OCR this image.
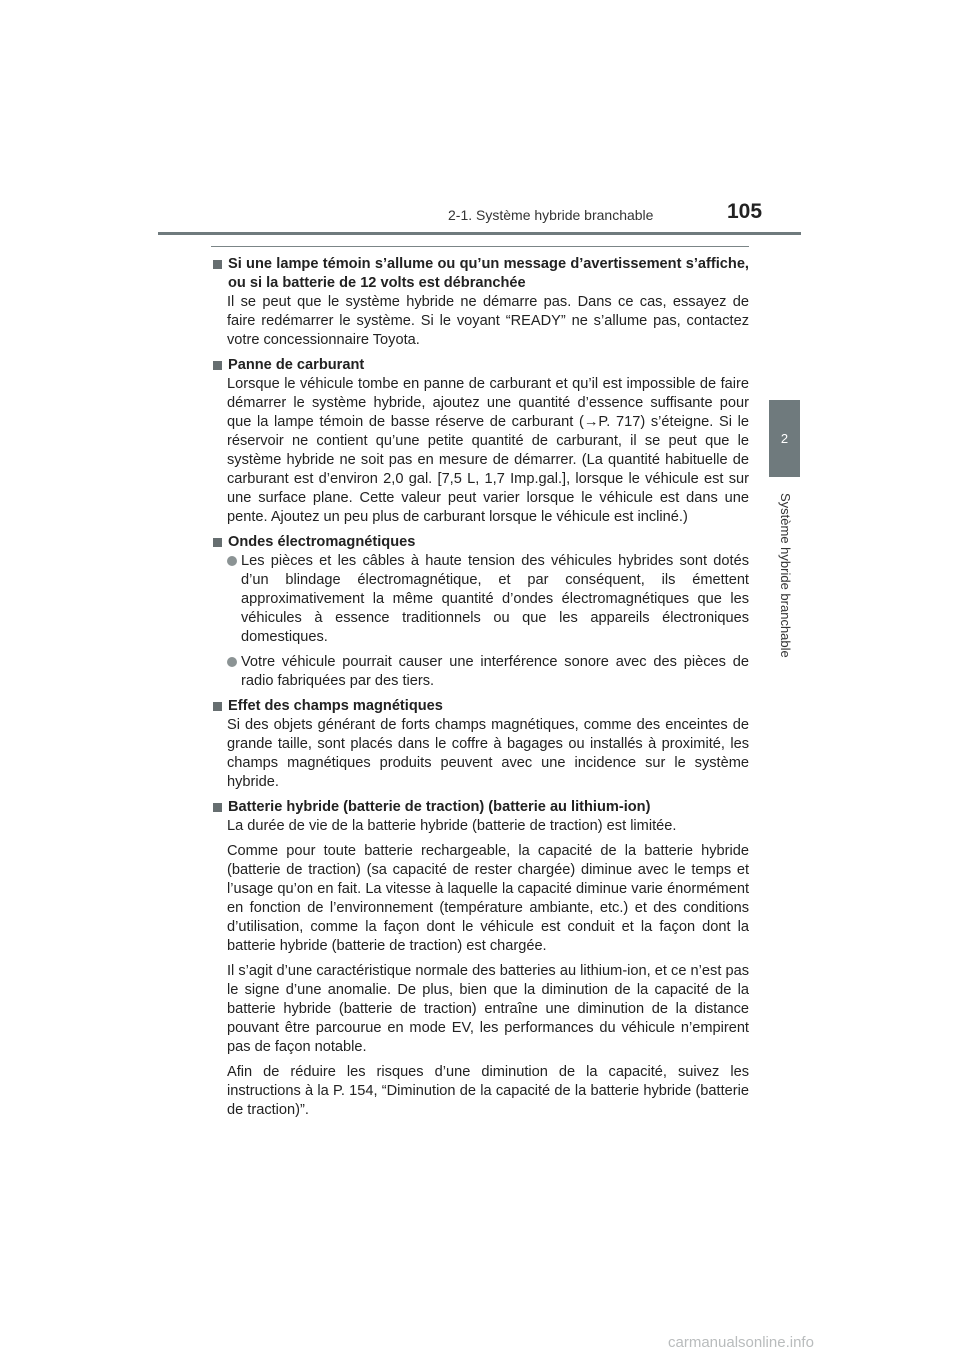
2-1. Système hybride branchable	105
2
Système hybride branchable
Si une lampe témoin s’allume ou qu’un message d’avertissement s’affiche, ou si la batterie de 12 volts est débranchée

Il se peut que le système hybride ne démarre pas. Dans ce cas, essayez de faire redémarrer le système. Si le voyant “READY” ne s’allume pas, contactez votre concessionnaire Toyota.

Panne de carburant

Lorsque le véhicule tombe en panne de carburant et qu’il est impossible de faire démarrer le système hybride, ajoutez une quantité d’essence suffisante pour que la lampe témoin de basse réserve de carburant (→P. 717) s’éteigne. Si le réservoir ne contient qu’une petite quantité de carburant, il se peut que le système hybride ne soit pas en mesure de démarrer. (La quantité habituelle de carburant est d’environ 2,0 gal. [7,5 L, 1,7 Imp.gal.], lorsque le véhicule est sur une surface plane. Cette valeur peut varier lorsque le véhicule est dans une pente. Ajoutez un peu plus de carburant lorsque le véhicule est incliné.)

Ondes électromagnétiques
Les pièces et les câbles à haute tension des véhicules hybrides sont dotés d’un blindage électromagnétique, et par conséquent, ils émettent approximativement la même quantité d’ondes électromagnétiques que les véhicules à essence traditionnels ou que les appareils électroniques domestiques.
Votre véhicule pourrait causer une interférence sonore avec des pièces de radio fabriquées par des tiers.
Effet des champs magnétiques

Si des objets générant de forts champs magnétiques, comme des enceintes de grande taille, sont placés dans le coffre à bagages ou installés à proximité, les champs magnétiques produits peuvent avec une incidence sur le système hybride.

Batterie hybride (batterie de traction) (batterie au lithium-ion)

La durée de vie de la batterie hybride (batterie de traction) est limitée.

Comme pour toute batterie rechargeable, la capacité de la batterie hybride (batterie de traction) (sa capacité de rester chargée) diminue avec le temps et l’usage qu’on en fait. La vitesse à laquelle la capacité diminue varie énormément en fonction de l’environnement (température ambiante, etc.) et des conditions d’utilisation, comme la façon dont le véhicule est conduit et la façon dont la batterie hybride (batterie de traction) est chargée.

Il s’agit d’une caractéristique normale des batteries au lithium-ion, et ce n’est pas le signe d’une anomalie. De plus, bien que la diminution de la capacité de la batterie hybride (batterie de traction) entraîne une diminution de la distance pouvant être parcourue en mode EV, les performances du véhicule n’empirent pas de façon notable.

Afin de réduire les risques d’une diminution de la capacité, suivez les instructions à la P. 154, “Diminution de la capacité de la batterie hybride (batterie de traction)”.

carmanualsonline.info
